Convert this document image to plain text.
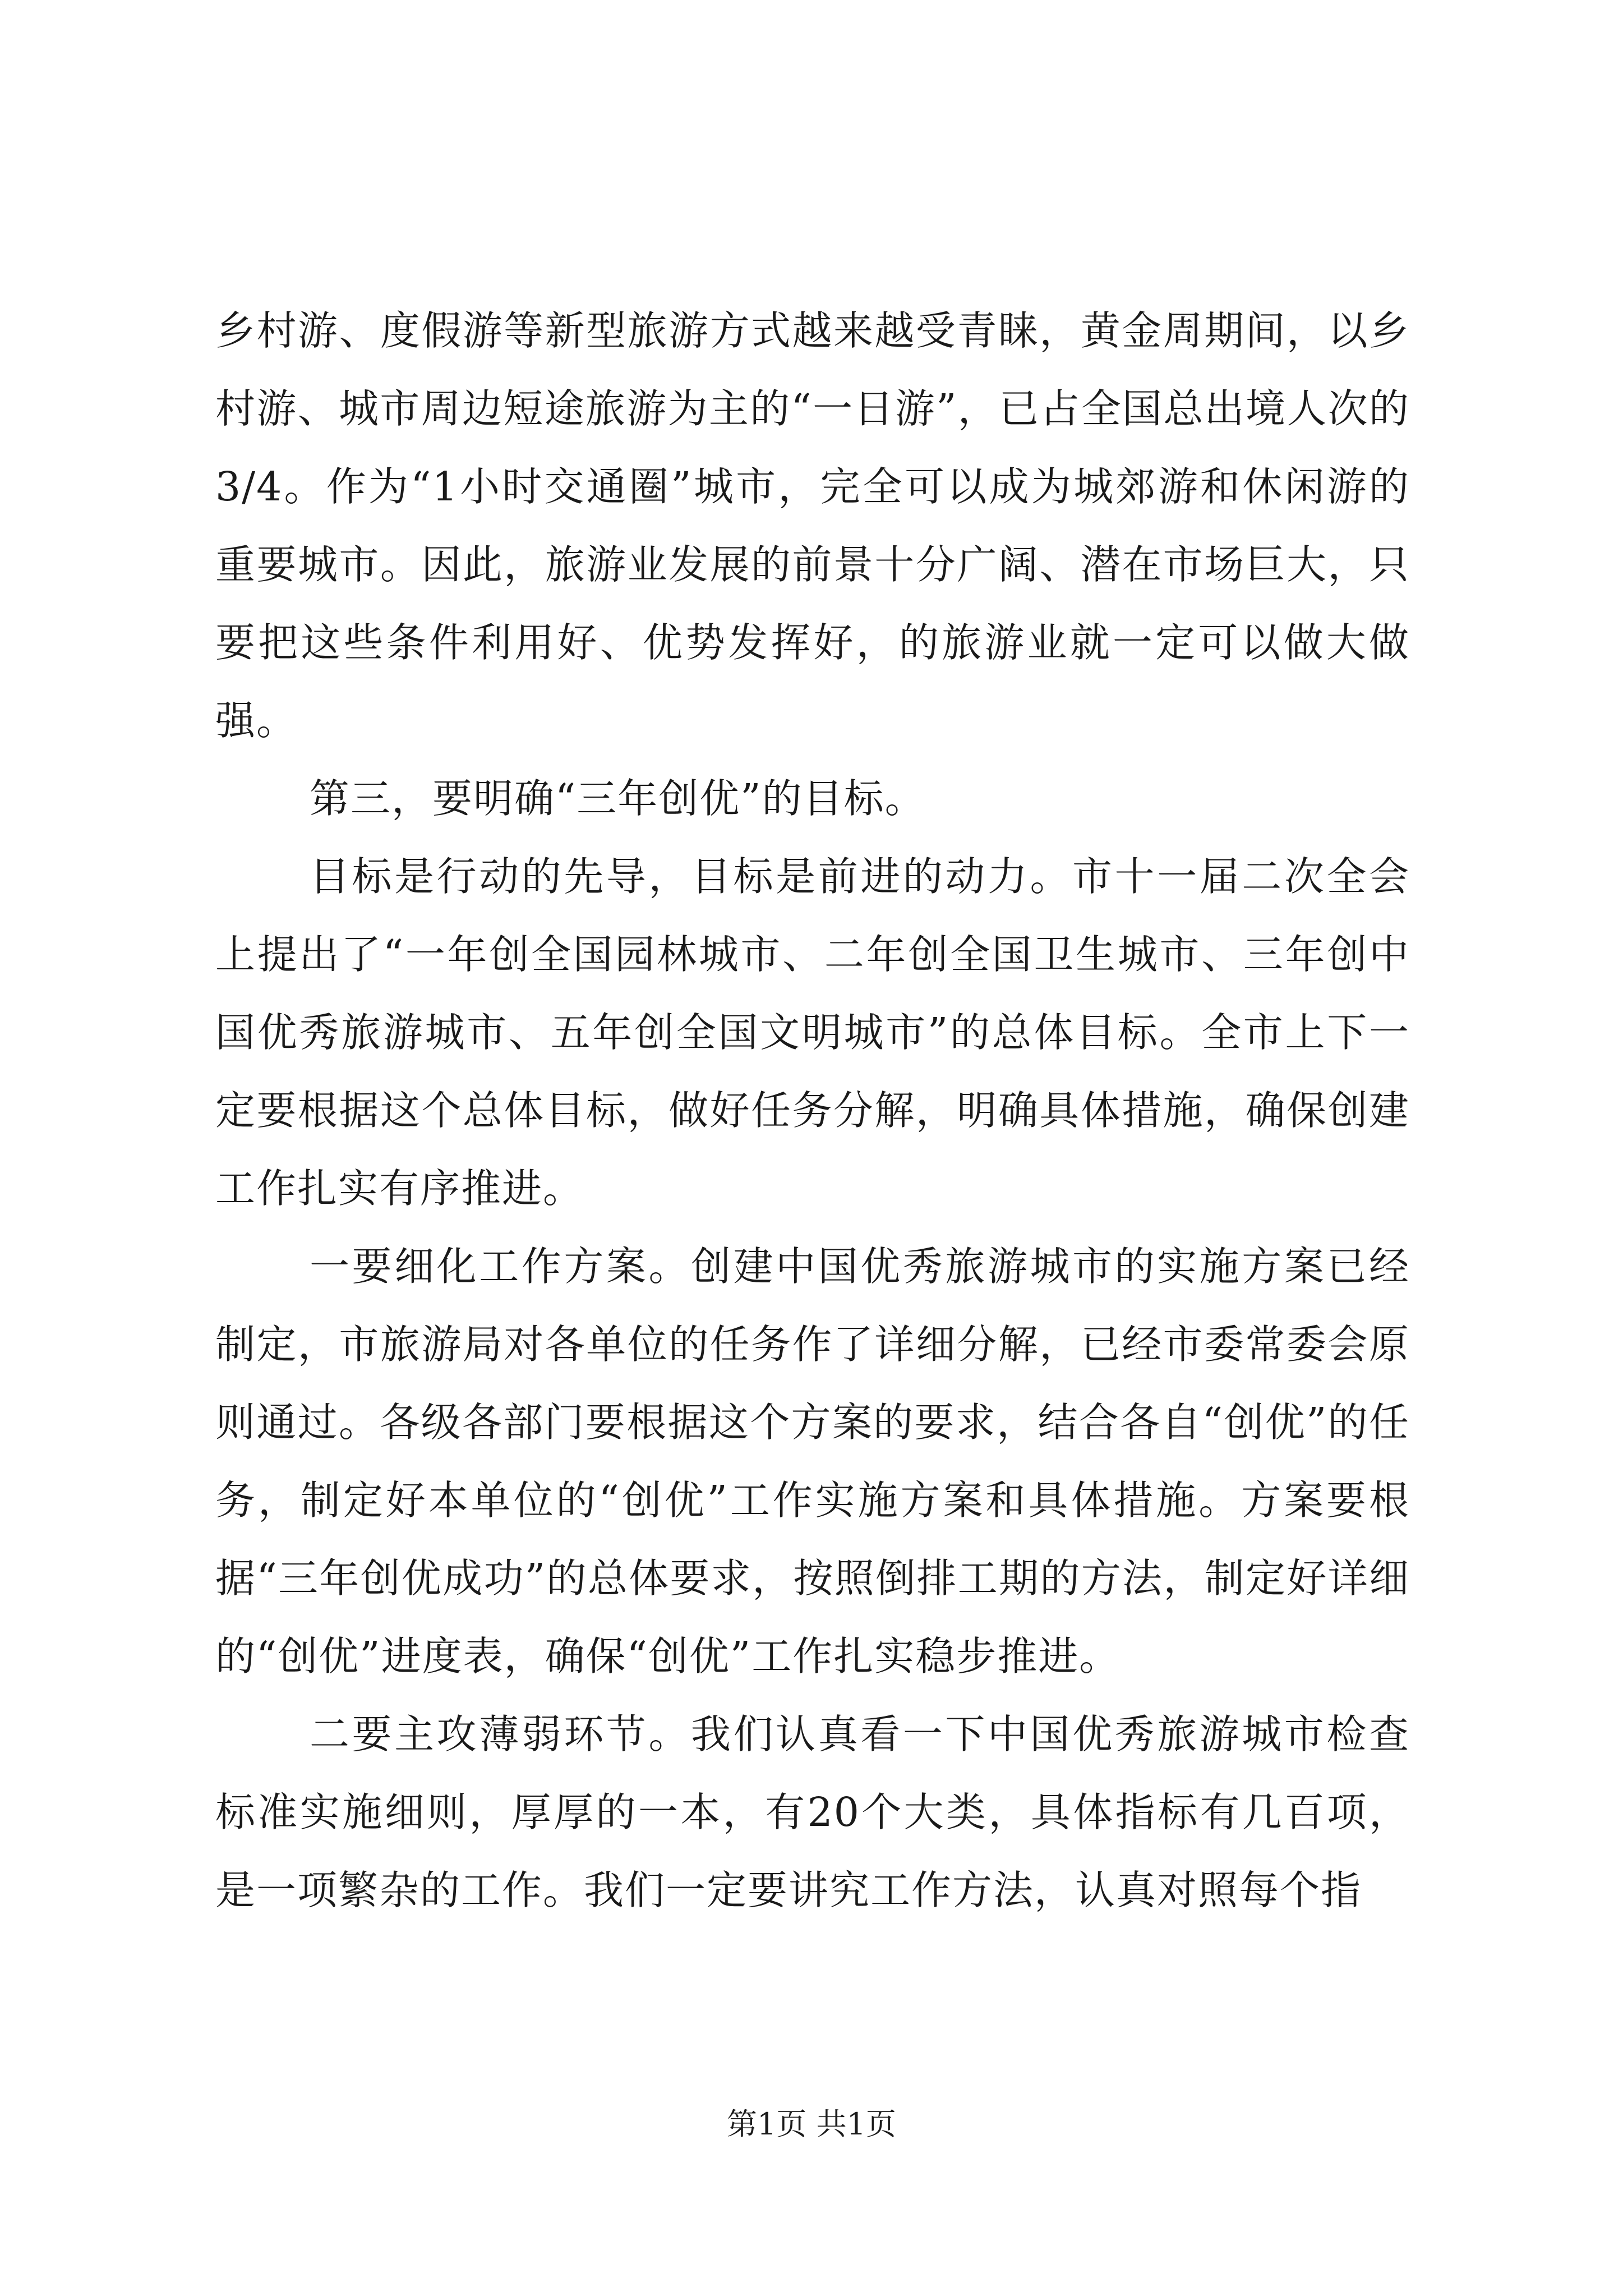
乡村游、度假游等新型旅游方式越来越受青睐，黄金周期间，以乡村游、城市周边短途旅游为主的“一日游”，已占全国总出境人次的3/4。作为“1小时交通圈”城市，完全可以成为城郊游和休闲游的重要城市。因此，旅游业发展的前景十分广阔、潜在市场巨大，只要把这些条件利用好、优势发挥好，的旅游业就一定可以做大做强。

第三，要明确“三年创优”的目标。

目标是行动的先导，目标是前进的动力。市十一届二次全会上提出了“一年创全国园林城市、二年创全国卫生城市、三年创中国优秀旅游城市、五年创全国文明城市”的总体目标。全市上下一定要根据这个总体目标，做好任务分解，明确具体措施，确保创建工作扎实有序推进。

一要细化工作方案。创建中国优秀旅游城市的实施方案已经制定，市旅游局对各单位的任务作了详细分解，已经市委常委会原则通过。各级各部门要根据这个方案的要求，结合各自“创优”的任务，制定好本单位的“创优”工作实施方案和具体措施。方案要根据“三年创优成功”的总体要求，按照倒排工期的方法，制定好详细的“创优”进度表，确保“创优”工作扎实稳步推进。

二要主攻薄弱环节。我们认真看一下中国优秀旅游城市检查标准实施细则，厚厚的一本，有20个大类，具体指标有几百项，是一项繁杂的工作。我们一定要讲究工作方法，认真对照每个指

第1页 共1页
